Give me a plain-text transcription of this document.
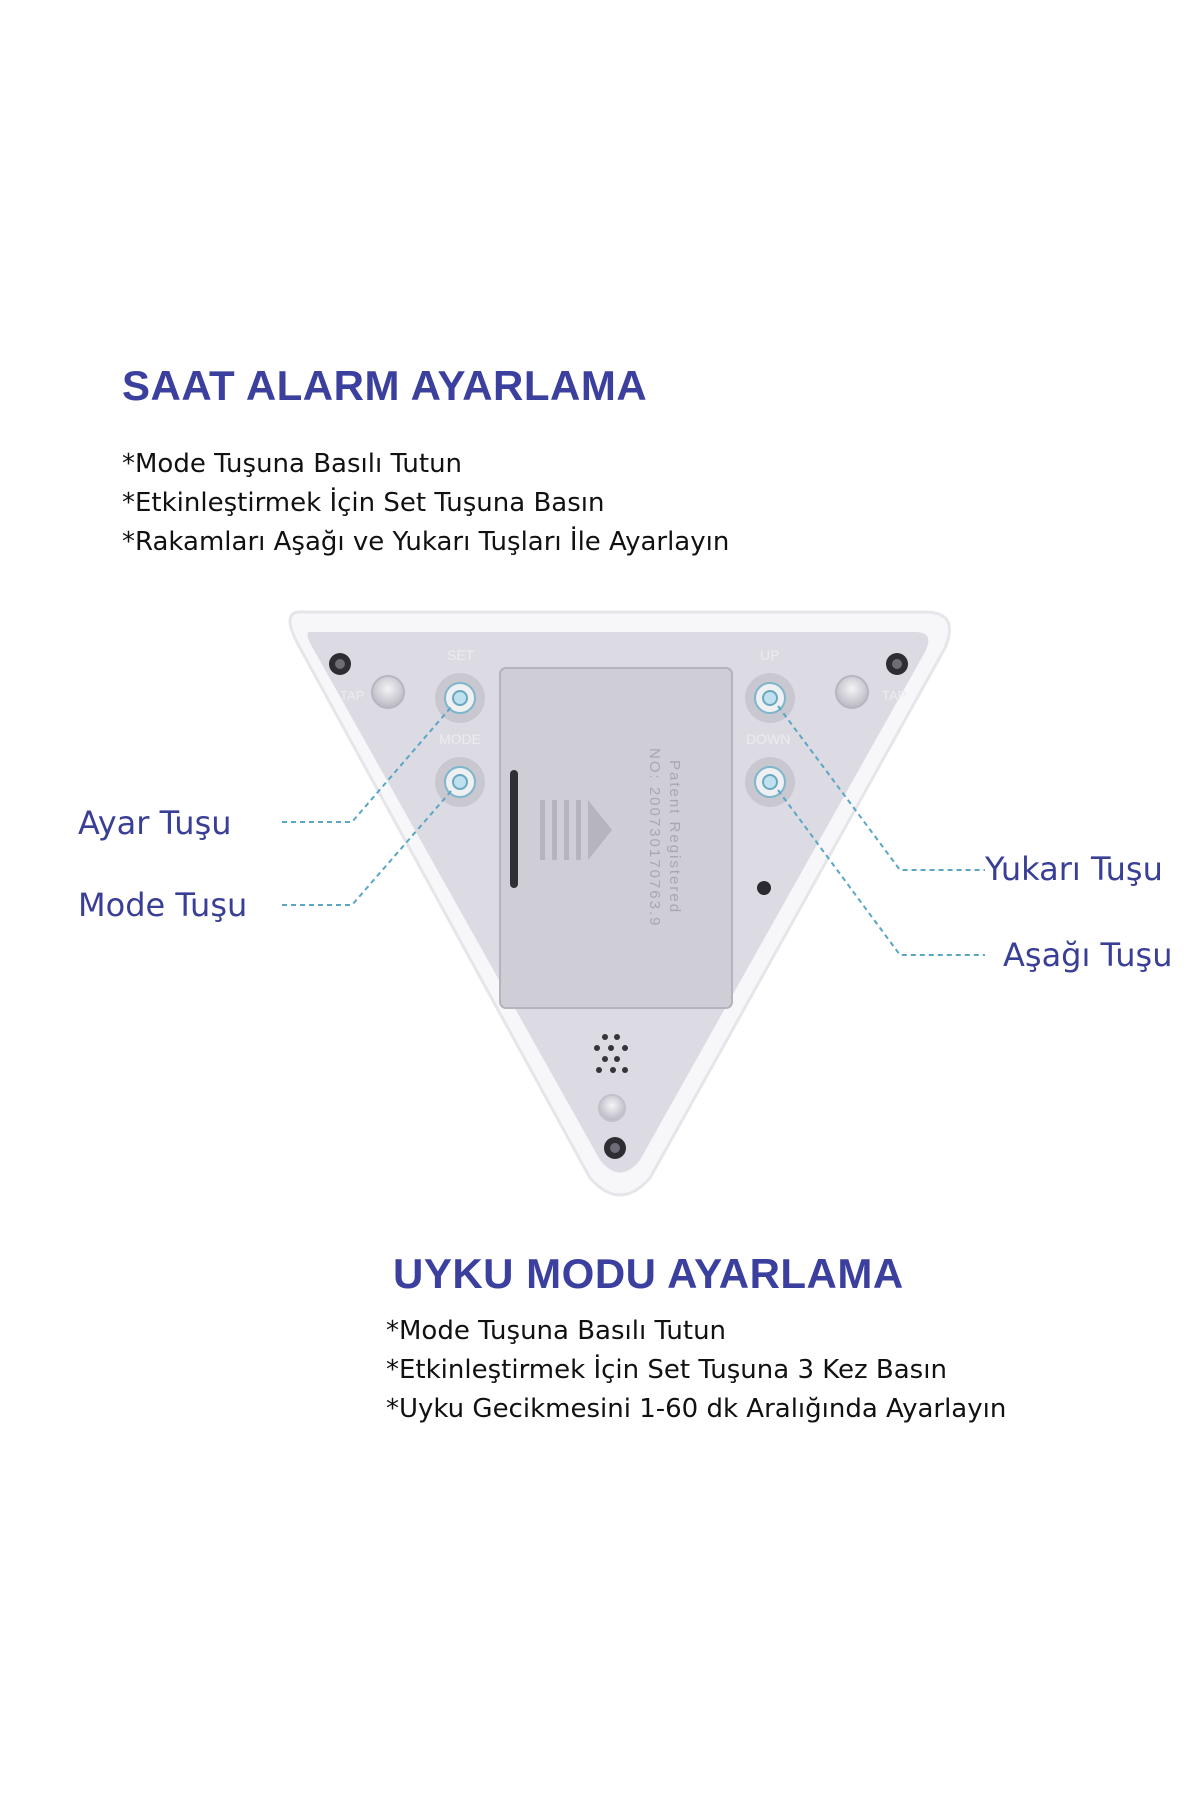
SAAT ALARM AYARLAMA
*Mode Tuşuna Basılı Tutun
*Etkinleştirmek İçin Set Tuşuna Basın
*Rakamları Aşağı ve Yukarı Tuşları İle Ayarlayın
TAP	TAP
SET
MODE
UP
DOWN
Patent Registered
NO: 200730170763.9
Ayar Tuşu
Mode Tuşu
Yukarı Tuşu
Aşağı Tuşu
UYKU MODU AYARLAMA
*Mode Tuşuna Basılı Tutun
*Etkinleştirmek İçin Set Tuşuna 3 Kez Basın
*Uyku Gecikmesini 1-60 dk Aralığında Ayarlayın
